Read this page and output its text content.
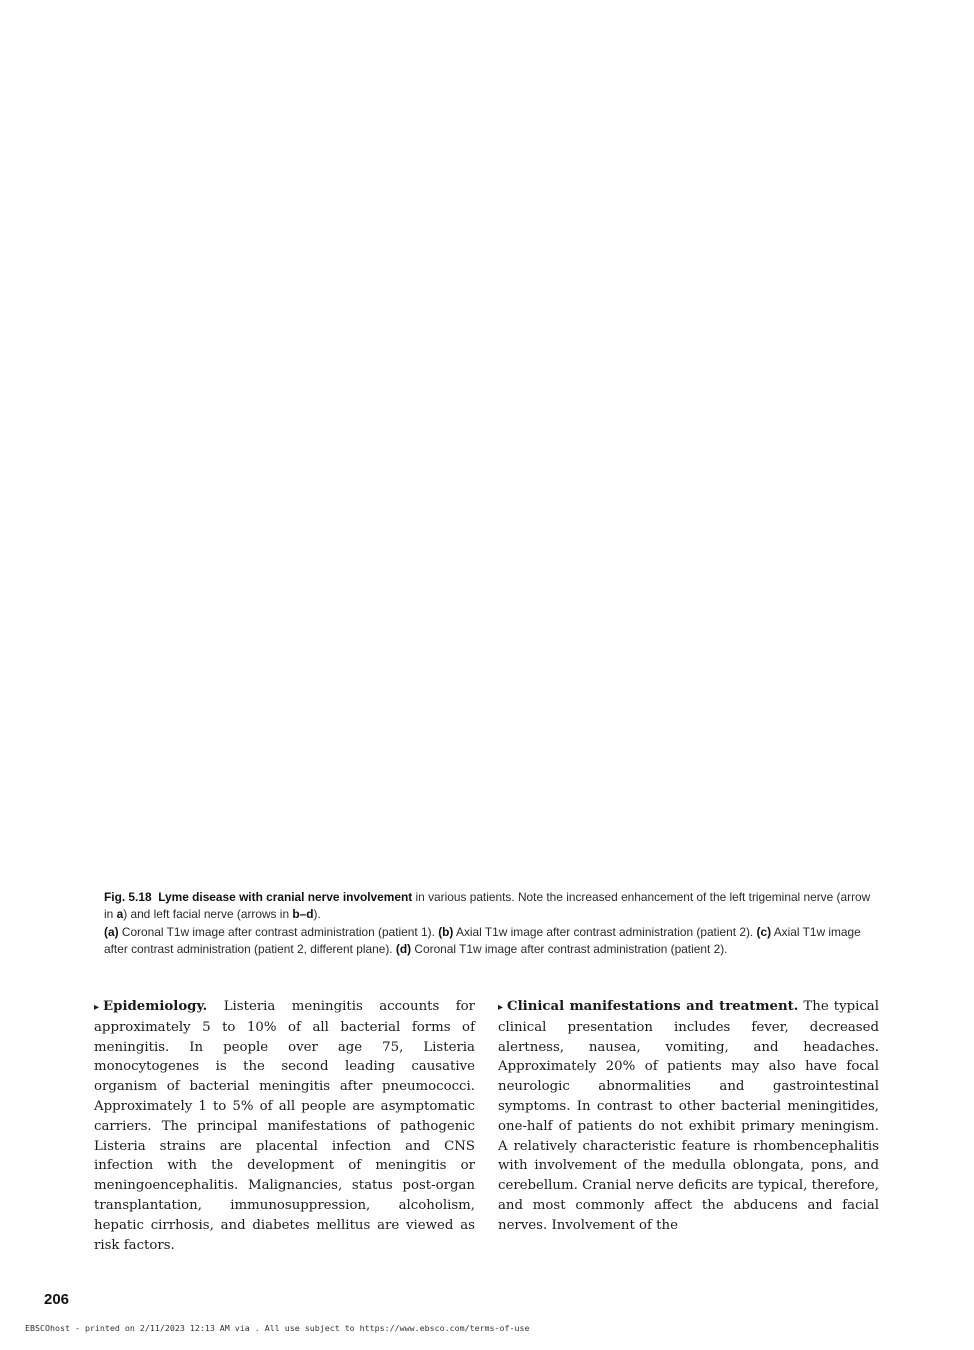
Fig. 5.18 Lyme disease with cranial nerve involvement in various patients. Note the increased enhancement of the left trigeminal nerve (arrow in a) and left facial nerve (arrows in b–d).
(a) Coronal T1w image after contrast administration (patient 1). (b) Axial T1w image after contrast administration (patient 2). (c) Axial T1w image after contrast administration (patient 2, different plane). (d) Coronal T1w image after contrast administration (patient 2).
▸ Epidemiology. Listeria meningitis accounts for approximately 5 to 10% of all bacterial forms of meningitis. In people over age 75, Listeria monocytogenes is the second leading causative organism of bacterial meningitis after pneumococci. Approximately 1 to 5% of all people are asymptomatic carriers. The principal manifestations of pathogenic Listeria strains are placental infection and CNS infection with the development of meningitis or meningoencephalitis. Malignancies, status post-organ transplantation, immunosuppression, alcoholism, hepatic cirrhosis, and diabetes mellitus are viewed as risk factors.
▸ Clinical manifestations and treatment. The typical clinical presentation includes fever, decreased alertness, nausea, vomiting, and headaches. Approximately 20% of patients may also have focal neurologic abnormalities and gastrointestinal symptoms. In contrast to other bacterial meningitides, one-half of patients do not exhibit primary meningism. A relatively characteristic feature is rhombencephalitis with involvement of the medulla oblongata, pons, and cerebellum. Cranial nerve deficits are typical, therefore, and most commonly affect the abducens and facial nerves. Involvement of the
206
EBSCOhost - printed on 2/11/2023 12:13 AM via . All use subject to https://www.ebsco.com/terms-of-use
